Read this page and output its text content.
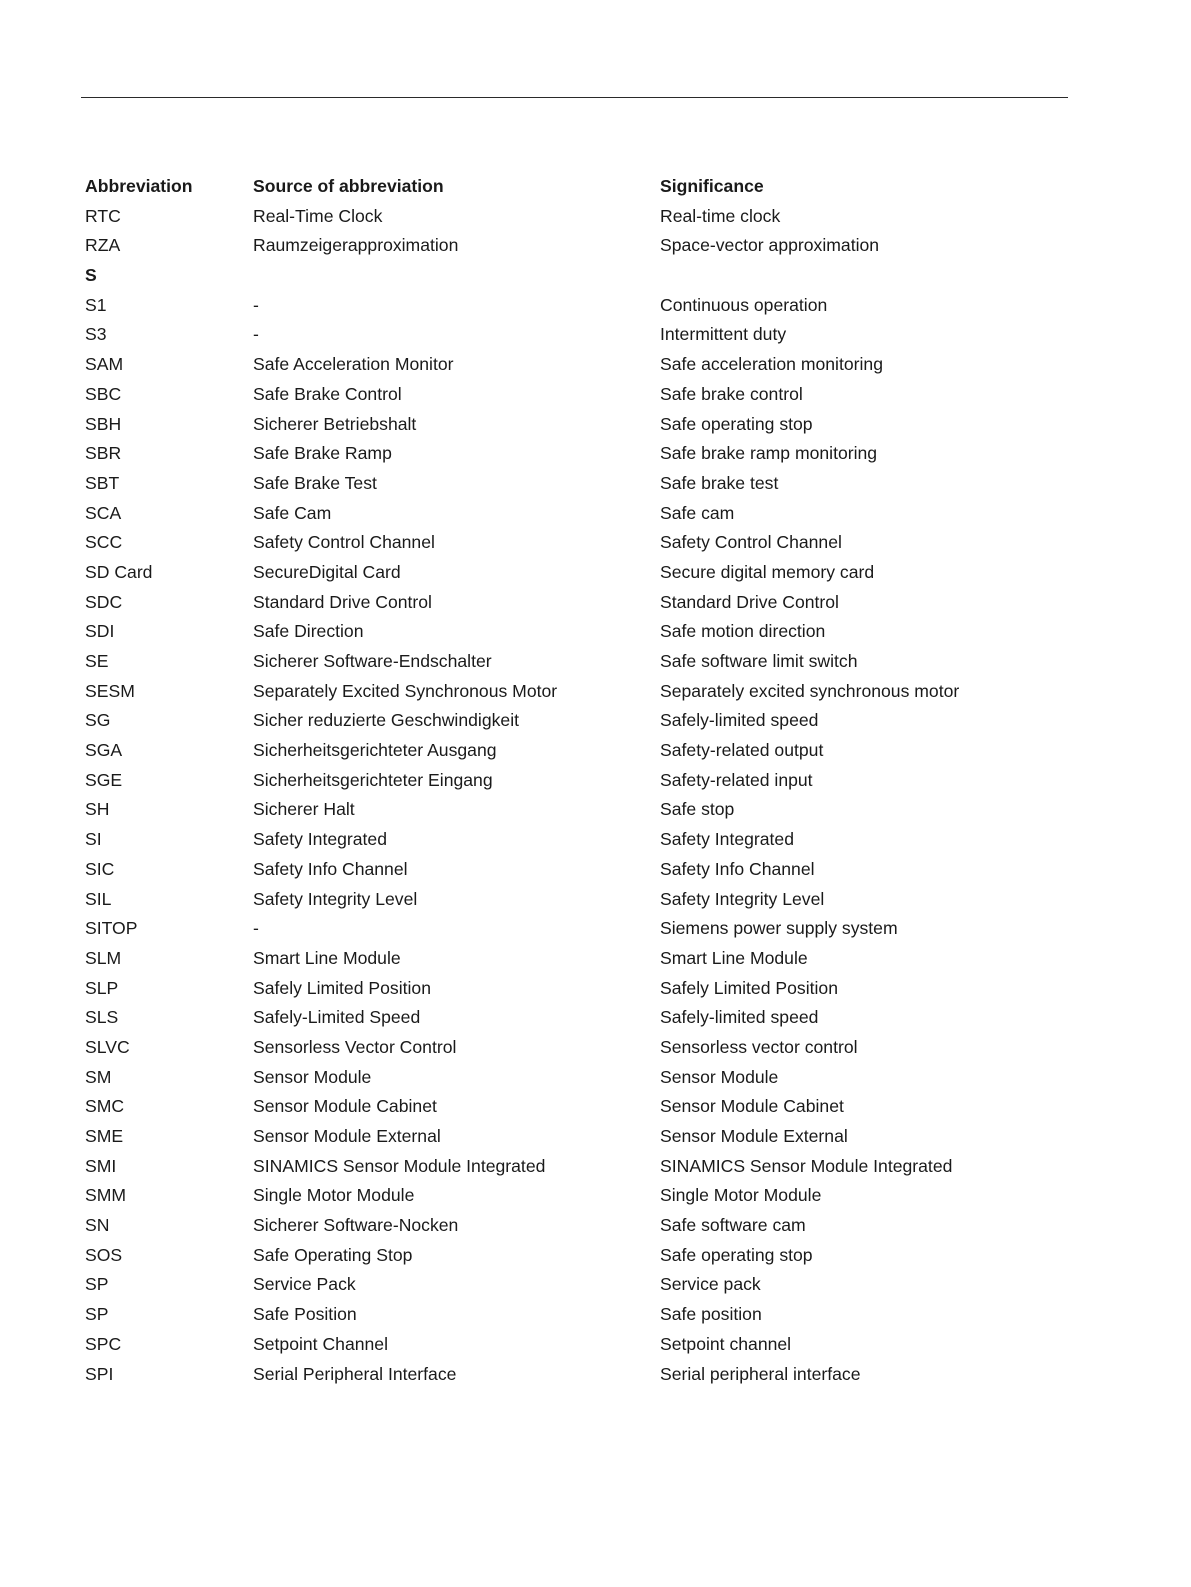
Abbreviation	Source of abbreviation	Significance
RTC	Real-Time Clock	Real-time clock
RZA	Raumzeigerapproximation	Space-vector approximation
S
S1	-	Continuous operation
S3	-	Intermittent duty
SAM	Safe Acceleration Monitor	Safe acceleration monitoring
SBC	Safe Brake Control	Safe brake control
SBH	Sicherer Betriebshalt	Safe operating stop
SBR	Safe Brake Ramp	Safe brake ramp monitoring
SBT	Safe Brake Test	Safe brake test
SCA	Safe Cam	Safe cam
SCC	Safety Control Channel	Safety Control Channel
SD Card	SecureDigital Card	Secure digital memory card
SDC	Standard Drive Control	Standard Drive Control
SDI	Safe Direction	Safe motion direction
SE	Sicherer Software-Endschalter	Safe software limit switch
SESM	Separately Excited Synchronous Motor	Separately excited synchronous motor
SG	Sicher reduzierte Geschwindigkeit	Safely-limited speed
SGA	Sicherheitsgerichteter Ausgang	Safety-related output
SGE	Sicherheitsgerichteter Eingang	Safety-related input
SH	Sicherer Halt	Safe stop
SI	Safety Integrated	Safety Integrated
SIC	Safety Info Channel	Safety Info Channel
SIL	Safety Integrity Level	Safety Integrity Level
SITOP	-	Siemens power supply system
SLM	Smart Line Module	Smart Line Module
SLP	Safely Limited Position	Safely Limited Position
SLS	Safely-Limited Speed	Safely-limited speed
SLVC	Sensorless Vector Control	Sensorless vector control
SM	Sensor Module	Sensor Module
SMC	Sensor Module Cabinet	Sensor Module Cabinet
SME	Sensor Module External	Sensor Module External
SMI	SINAMICS Sensor Module Integrated	SINAMICS Sensor Module Integrated
SMM	Single Motor Module	Single Motor Module
SN	Sicherer Software-Nocken	Safe software cam
SOS	Safe Operating Stop	Safe operating stop
SP	Service Pack	Service pack
SP	Safe Position	Safe position
SPC	Setpoint Channel	Setpoint channel
SPI	Serial Peripheral Interface	Serial peripheral interface
